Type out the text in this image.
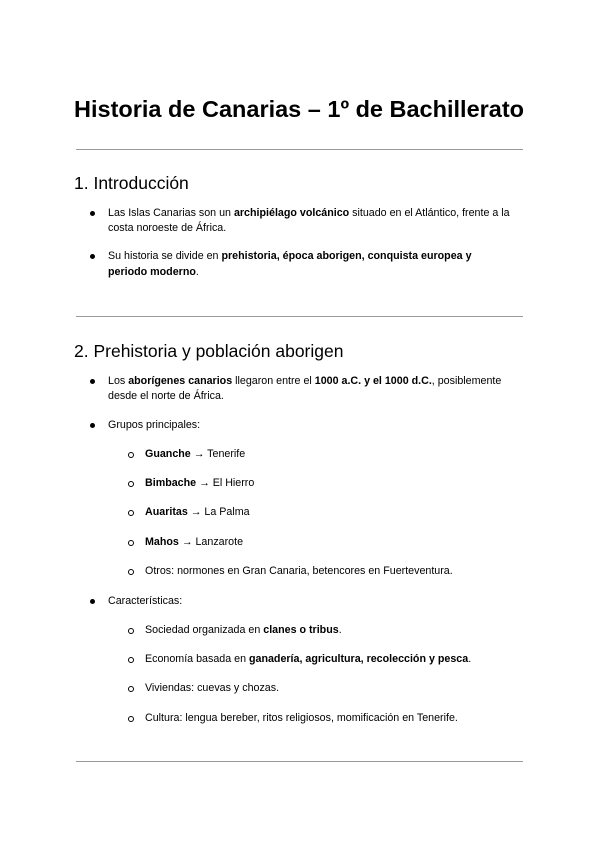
Historia de Canarias – 1º de Bachillerato
1. Introducción

Las Islas Canarias son un archipiélago volcánico situado en el Atlántico, frente a la

costa noroeste de África.

Su historia se divide en prehistoria, época aborigen, conquista europea y

periodo moderno.

2. Prehistoria y población aborigen

Los aborígenes canarios llegaron entre el 1000 a.C. y el 1000 d.C., posiblemente

desde el norte de África.

Grupos principales:

Guanche → Tenerife

Bimbache → El Hierro

Auaritas → La Palma

Mahos → Lanzarote

Otros: normones en Gran Canaria, betencores en Fuerteventura.

Características:

Sociedad organizada en clanes o tribus.

Economía basada en ganadería, agricultura, recolección y pesca.

Viviendas: cuevas y chozas.

Cultura: lengua bereber, ritos religiosos, momificación en Tenerife.
